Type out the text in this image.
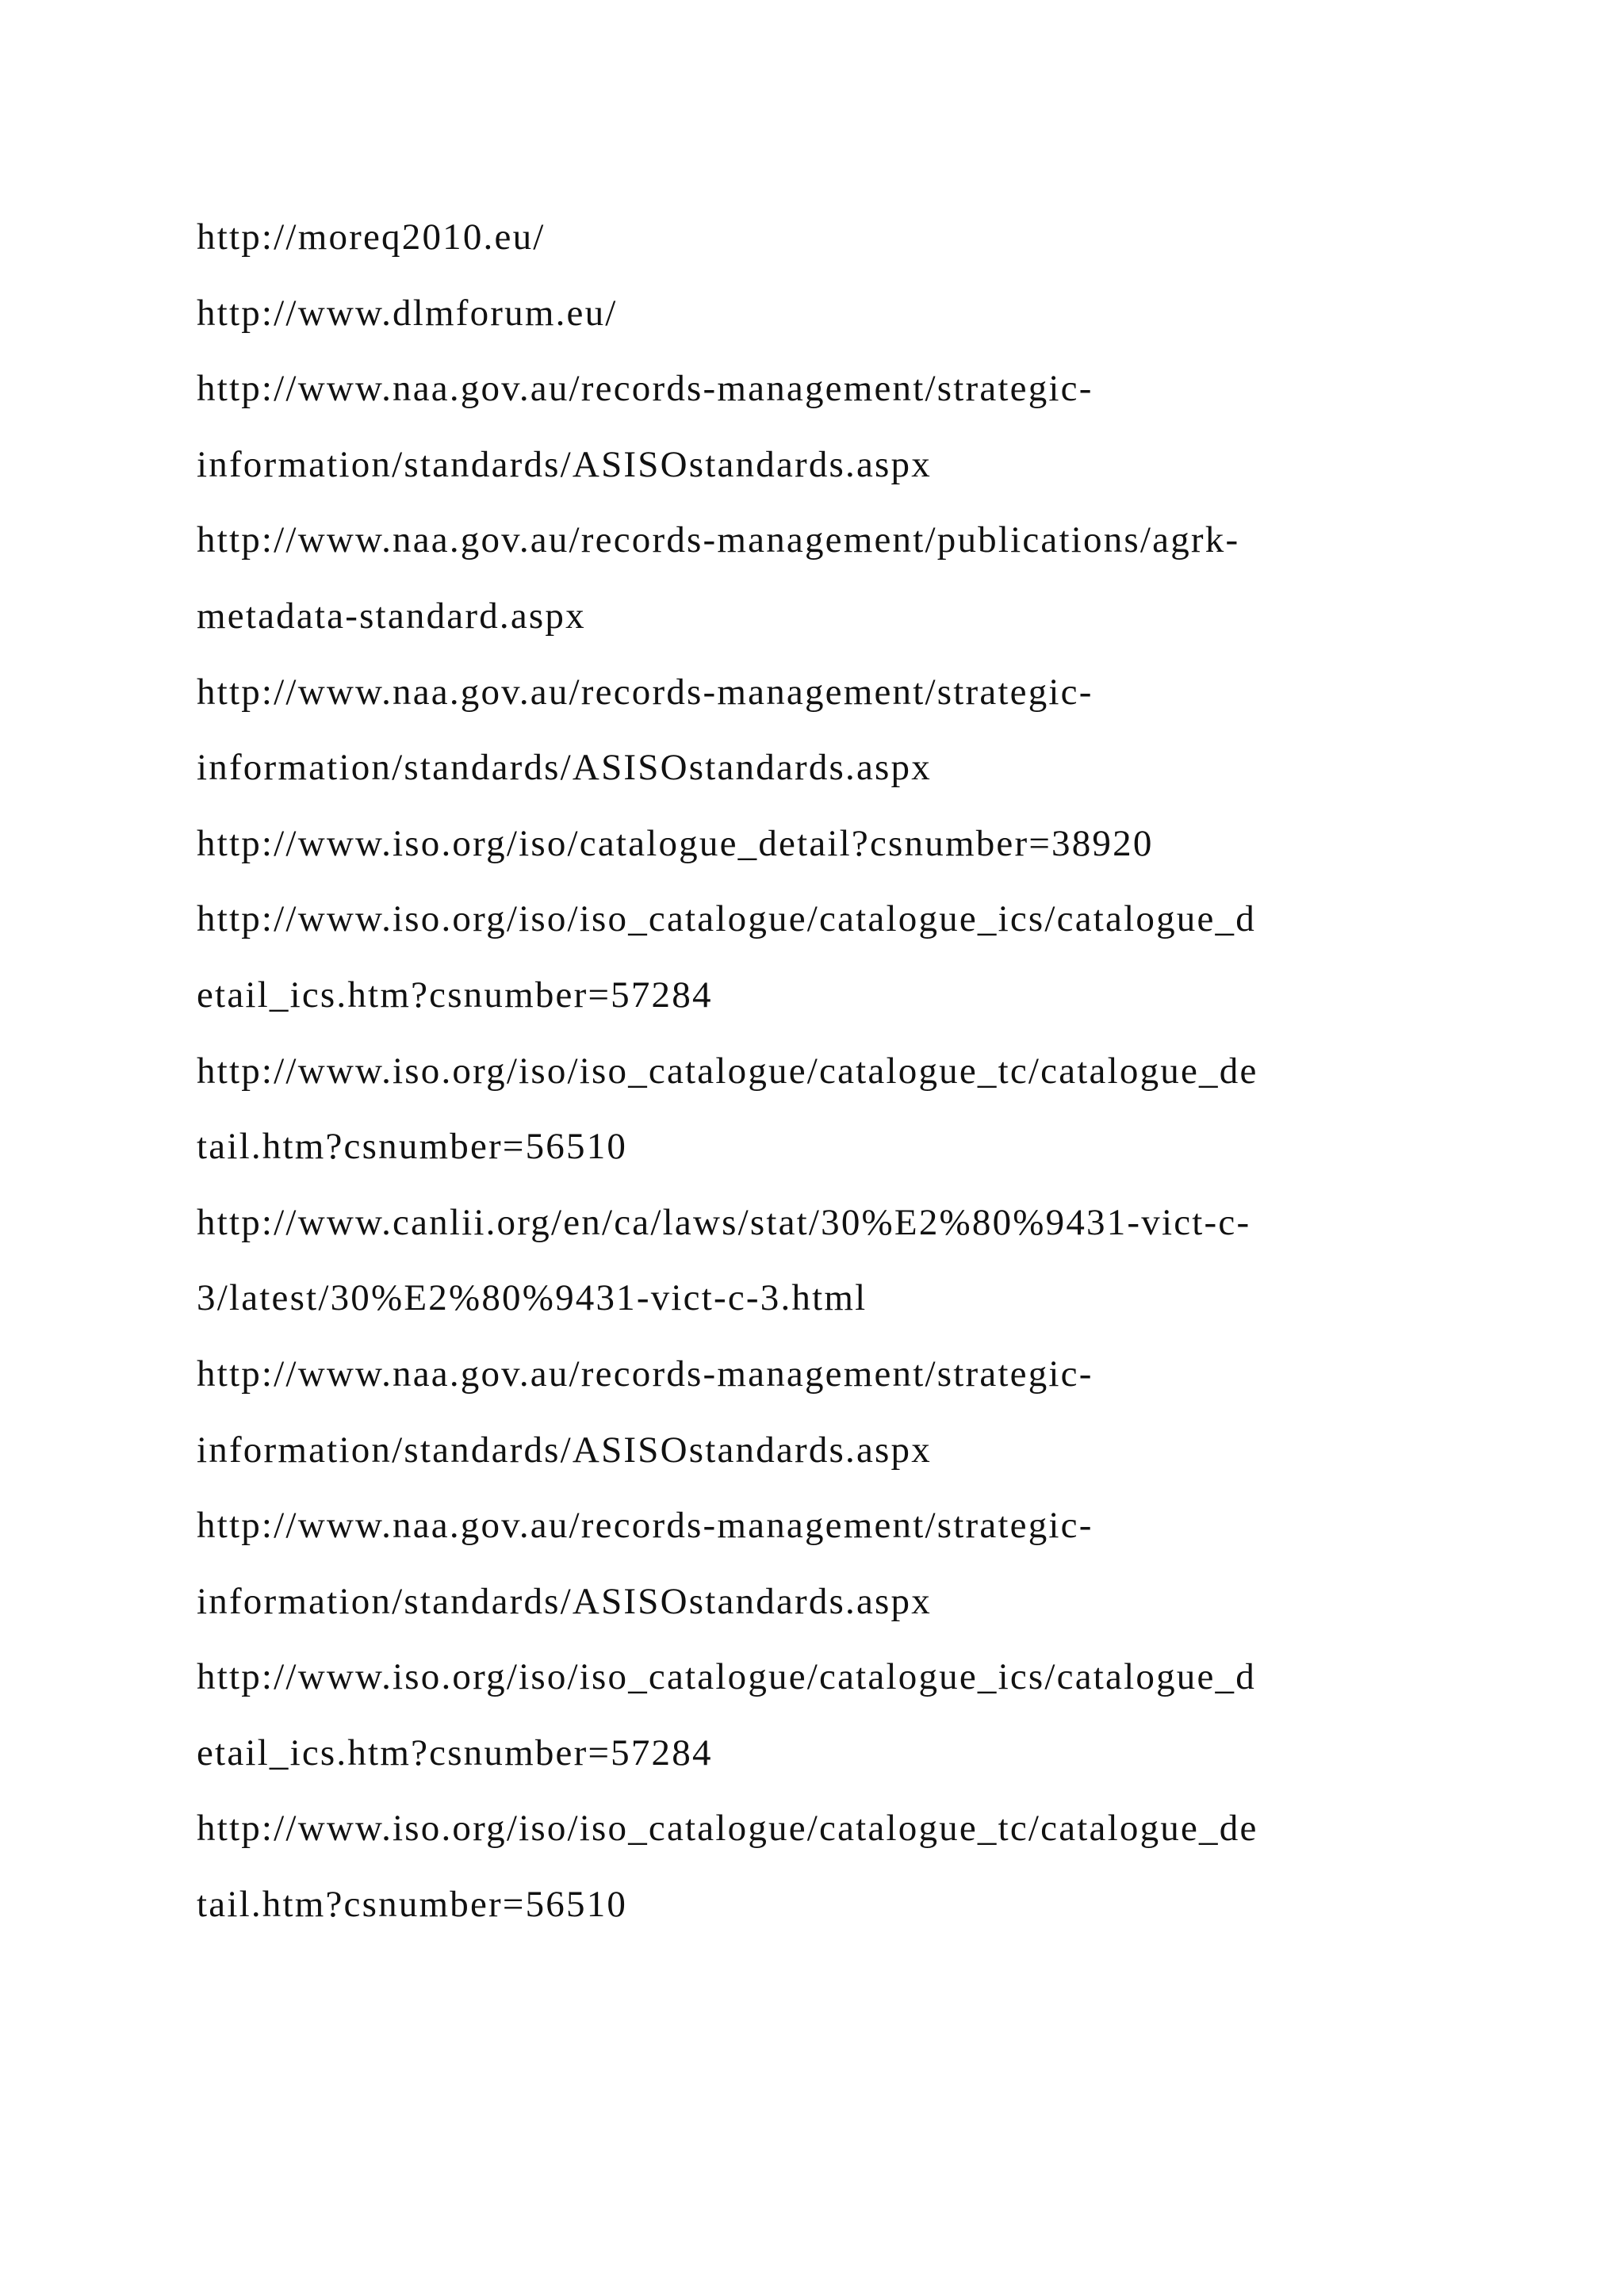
http://moreq2010.eu/

http://www.dlmforum.eu/

http://www.naa.gov.au/records-management/strategic-

information/standards/ASISOstandards.aspx

http://www.naa.gov.au/records-management/publications/agrk-

metadata-standard.aspx

http://www.naa.gov.au/records-management/strategic-

information/standards/ASISOstandards.aspx

http://www.iso.org/iso/catalogue_detail?csnumber=38920

http://www.iso.org/iso/iso_catalogue/catalogue_ics/catalogue_d

etail_ics.htm?csnumber=57284

http://www.iso.org/iso/iso_catalogue/catalogue_tc/catalogue_de

tail.htm?csnumber=56510

http://www.canlii.org/en/ca/laws/stat/30%E2%80%9431-vict-c-

3/latest/30%E2%80%9431-vict-c-3.html

http://www.naa.gov.au/records-management/strategic-

information/standards/ASISOstandards.aspx

http://www.naa.gov.au/records-management/strategic-

information/standards/ASISOstandards.aspx

http://www.iso.org/iso/iso_catalogue/catalogue_ics/catalogue_d

etail_ics.htm?csnumber=57284

http://www.iso.org/iso/iso_catalogue/catalogue_tc/catalogue_de

tail.htm?csnumber=56510
